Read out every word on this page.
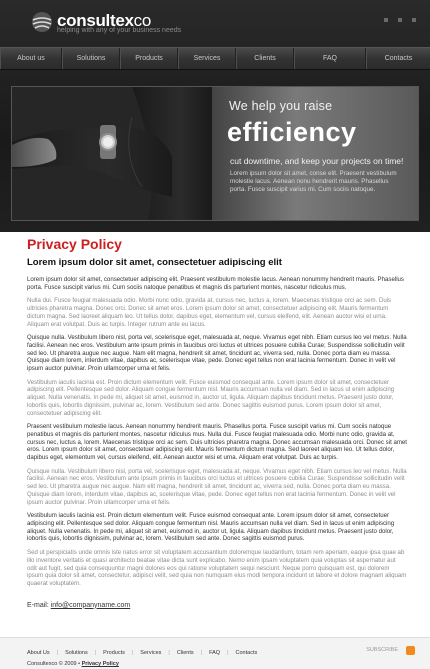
consultexco
helping with any of your business needs
About us	Solutions	Products	Services	Clients	FAQ	Contacts
We help you raise
efficiency
cut downtime, and keep your projects on time!
Lorem ipsum dolor sit amet, conse elit. Praesent vestibulum molestie lacus. Aenean nonu hendrerit mauris. Phasellus porta. Fusce suscipit varius mi. Cum sociis natoque.
Privacy Policy
Lorem ipsum dolor sit amet, consectetuer adipiscing elit

Lorem ipsum dolor sit amet, consectetuer adipiscing elit. Praesent vestibulum molestie lacus. Aenean nonummy hendrerit mauris. Phasellus porta. Fusce suscipit varius mi. Cum sociis natoque penatibus et magnis dis parturient montes, nascetur ridiculus mus.

Nulla dui. Fusce feugiat malesuada odio. Morbi nunc odio, gravida at, cursus nec, luctus a, lorem. Maecenas tristique orci ac sem. Duis ultricies pharetra magna. Donec orci. Donec sit amet eros. Lorem ipsum dolor sit amet, consectetuer adipiscing elit. Mauris fermentum dictum magna. Sed laoreet aliquam leo. Ut tellus dolor, dapibus eget, elementum vel, cursus eleifend, elit. Aenean auctor wisi et urna. Aliquam erat volutpat. Duis ac turpis. Integer rutrum ante eu lacus.

Quisque nulla. Vestibulum libero nisl, porta vel, scelerisque eget, malesuada at, neque. Vivamus eget nibh. Etiam cursus leo vel metus. Nulla facilisi. Aenean nec eros. Vestibulum ante ipsum primis in faucibus orci luctus et ultrices posuere cubilia Curae; Suspendisse sollicitudin velit sed leo. Ut pharetra augue nec augue. Nam elit magna, hendrerit sit amet, tincidunt ac, viverra sed, nulla. Donec porta diam eu massa. Quisque diam lorem, interdum vitae, dapibus ac, scelerisque vitae, pede. Donec eget tellus non erat lacinia fermentum. Donec in velit vel ipsum auctor pulvinar. Proin ullamcorper urna et felis.

Vestibulum iaculis lacinia est. Proin dictum elementum velit. Fusce euismod consequat ante. Lorem ipsum dolor sit amet, consectetuer adipiscing elit. Pellentesque sed dolor. Aliquam congue fermentum nisl. Mauris accumsan nulla vel diam. Sed in lacus ut enim adipiscing aliquet. Nulla venenatis. In pede mi, aliquet sit amet, euismod in, auctor ut, ligula. Aliquam dapibus tincidunt metus. Praesent justo dolor, lobortis quis, lobortis dignissim, pulvinar ac, lorem. Vestibulum sed ante. Donec sagittis euismod purus. Lorem ipsum dolor sit amet, consectetuer adipiscing elit.

Praesent vestibulum molestie lacus. Aenean nonummy hendrerit mauris. Phasellus porta. Fusce suscipit varius mi. Cum sociis natoque penatibus et magnis dis parturient montes, nascetur ridiculus mus. Nulla dui. Fusce feugiat malesuada odio. Morbi nunc odio, gravida at, cursus nec, luctus a, lorem. Maecenas tristique orci ac sem. Duis ultricies pharetra magna. Donec accumsan malesuada orci. Donec sit amet eros. Lorem ipsum dolor sit amet, consectetuer adipiscing elit. Mauris fermentum dictum magna. Sed laoreet aliquam leo. Ut tellus dolor, dapibus eget, elementum vel, cursus eleifend, elit. Aenean auctor wisi et urna. Aliquam erat volutpat. Duis ac turpis.

Quisque nulla. Vestibulum libero nisl, porta vel, scelerisque eget, malesuada at, neque. Vivamus eget nibh. Etiam cursus leo vel metus. Nulla facilisi. Aenean nec eros. Vestibulum ante ipsum primis in faucibus orci luctus et ultrices posuere cubilia Curae; Suspendisse sollicitudin velit sed leo. Ut pharetra augue nec augue. Nam elit magna, hendrerit sit amet, tincidunt ac, viverra sed, nulla. Donec porta diam eu massa. Quisque diam lorem, interdum vitae, dapibus ac, scelerisque vitae, pede. Donec eget tellus non erat lacinia fermentum. Donec in velit vel ipsum auctor pulvinar. Proin ullamcorper urna et felis.

Vestibulum iaculis lacinia est. Proin dictum elementum velit. Fusce euismod consequat ante. Lorem ipsum dolor sit amet, consectetuer adipiscing elit. Pellentesque sed dolor. Aliquam congue fermentum nisl. Mauris accumsan nulla vel diam. Sed in lacus ut enim adipiscing aliquet. Nulla venenatis. In pede mi, aliquet sit amet, euismod in, auctor ut, ligula. Aliquam dapibus tincidunt metus. Praesent justo dolor, lobortis quis, lobortis dignissim, pulvinar ac, lorem. Vestibulum sed ante. Donec sagittis euismod purus.

Sed ut perspiciatis unde omnis iste natus error sit voluptatem accusantium doloremque laudantium, totam rem aperiam, eaque ipsa quae ab illo inventore veritatis et quasi architecto beatae vitae dicta sunt explicabo. Nemo enim ipsam voluptatem quia voluptas sit aspernatur aut odit aut fugit, sed quia consequuntur magni dolores eos qui ratione voluptatem sequi nesciunt. Neque porro quisquam est, qui dolorem ipsum quia dolor sit amet, consectetur, adipisci velit, sed quia non numquam eius modi tempora incidunt ut labore et dolore magnam aliquam quaerat voluptatem.

E-mail: info@companyname.com

About Us | Solutions | Products | Services | Clients | FAQ | Contacts
Consultexco © 2009 • Privacy Policy
SUBSCRIBE
